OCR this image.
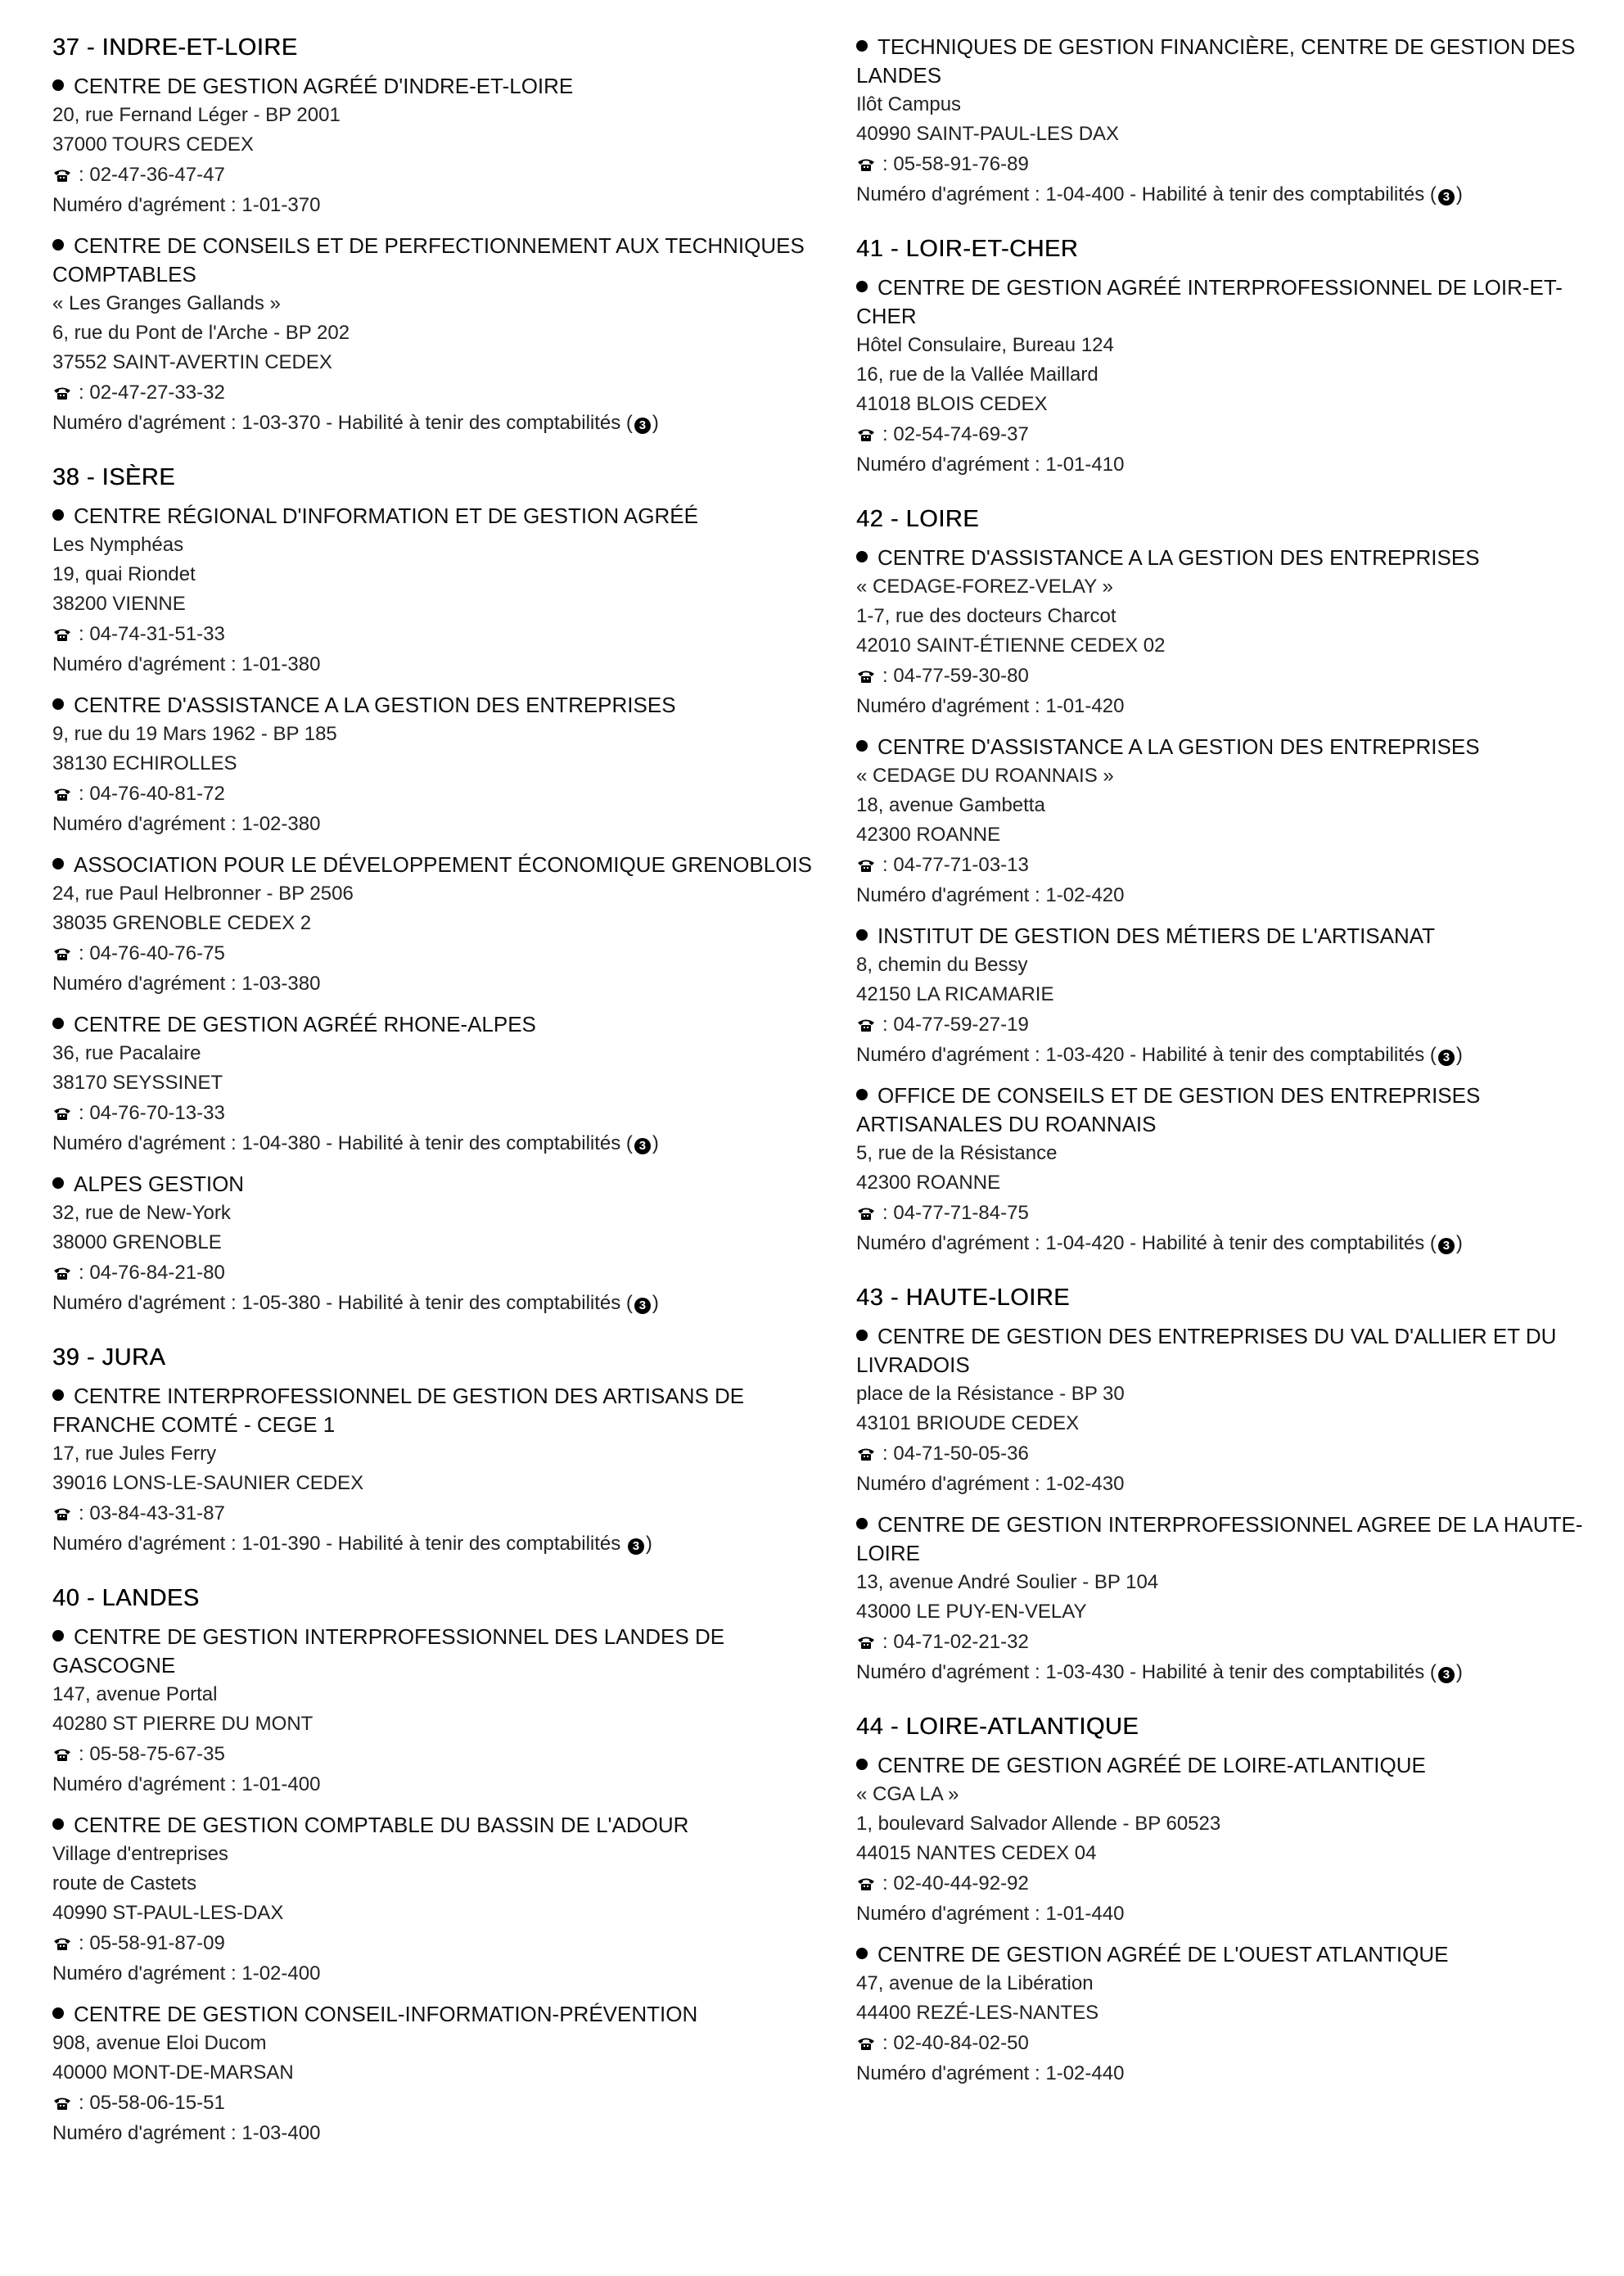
37 - INDRE-ET-LOIRE
CENTRE DE GESTION AGRÉÉ D'INDRE-ET-LOIRE
20, rue Fernand Léger - BP 2001
37000 TOURS CEDEX
: 02-47-36-47-47
Numéro d'agrément : 1-01-370
CENTRE DE CONSEILS ET DE PERFECTIONNEMENT AUX TECHNIQUES COMPTABLES
« Les Granges Gallands »
6, rue du Pont de l'Arche - BP 202
37552 SAINT-AVERTIN CEDEX
: 02-47-27-33-32
Numéro d'agrément : 1-03-370 - Habilité à tenir des comptabilités ( 3 )
38 - ISÈRE
CENTRE RÉGIONAL D'INFORMATION ET DE GESTION AGRÉÉ
Les Nymphéas
19, quai Riondet
38200 VIENNE
: 04-74-31-51-33
Numéro d'agrément : 1-01-380
CENTRE D'ASSISTANCE A LA GESTION DES ENTREPRISES
9, rue du 19 Mars 1962 - BP 185
38130 ECHIROLLES
: 04-76-40-81-72
Numéro d'agrément : 1-02-380
ASSOCIATION POUR LE DÉVELOPPEMENT ÉCONOMIQUE GRENOBLOIS
24, rue Paul Helbronner - BP 2506
38035 GRENOBLE CEDEX 2
: 04-76-40-76-75
Numéro d'agrément : 1-03-380
CENTRE DE GESTION AGRÉÉ RHONE-ALPES
36, rue Pacalaire
38170 SEYSSINET
: 04-76-70-13-33
Numéro d'agrément : 1-04-380 - Habilité à tenir des comptabilités ( 3 )
ALPES GESTION
32, rue de New-York
38000 GRENOBLE
: 04-76-84-21-80
Numéro d'agrément : 1-05-380 - Habilité à tenir des comptabilités ( 3 )
39 - JURA
CENTRE INTERPROFESSIONNEL DE GESTION DES ARTISANS DE FRANCHE COMTÉ - CEGE 1
17, rue Jules Ferry
39016 LONS-LE-SAUNIER CEDEX
: 03-84-43-31-87
Numéro d'agrément : 1-01-390 - Habilité à tenir des comptabilités 3 )
40 - LANDES
CENTRE DE GESTION INTERPROFESSIONNEL DES LANDES DE GASCOGNE
147, avenue Portal
40280 ST PIERRE DU MONT
: 05-58-75-67-35
Numéro d'agrément : 1-01-400
CENTRE DE GESTION COMPTABLE DU BASSIN DE L'ADOUR
Village d'entreprises
route de Castets
40990 ST-PAUL-LES-DAX
: 05-58-91-87-09
Numéro d'agrément : 1-02-400
CENTRE DE GESTION CONSEIL-INFORMATION-PRÉVENTION
908, avenue Eloi Ducom
40000 MONT-DE-MARSAN
: 05-58-06-15-51
Numéro d'agrément : 1-03-400
TECHNIQUES DE GESTION FINANCIÈRE, CENTRE DE GESTION DES LANDES
Ilôt Campus
40990 SAINT-PAUL-LES DAX
: 05-58-91-76-89
Numéro d'agrément : 1-04-400 - Habilité à tenir des comptabilités ( 3 )
41 - LOIR-ET-CHER
CENTRE DE GESTION AGRÉÉ INTERPROFESSIONNEL DE LOIR-ET-CHER
Hôtel Consulaire, Bureau 124
16, rue de la Vallée Maillard
41018 BLOIS CEDEX
: 02-54-74-69-37
Numéro d'agrément : 1-01-410
42 - LOIRE
CENTRE D'ASSISTANCE A LA GESTION DES ENTREPRISES
« CEDAGE-FOREZ-VELAY »
1-7, rue des docteurs Charcot
42010 SAINT-ÉTIENNE CEDEX 02
: 04-77-59-30-80
Numéro d'agrément : 1-01-420
CENTRE D'ASSISTANCE A LA GESTION DES ENTREPRISES
« CEDAGE DU ROANNAIS »
18, avenue Gambetta
42300 ROANNE
: 04-77-71-03-13
Numéro d'agrément : 1-02-420
INSTITUT DE GESTION DES MÉTIERS DE L'ARTISANAT
8, chemin du Bessy
42150 LA RICAMARIE
: 04-77-59-27-19
Numéro d'agrément : 1-03-420 - Habilité à tenir des comptabilités ( 3 )
OFFICE DE CONSEILS ET DE GESTION DES ENTREPRISES ARTISANALES DU ROANNAIS
5, rue de la Résistance
42300 ROANNE
: 04-77-71-84-75
Numéro d'agrément : 1-04-420 - Habilité à tenir des comptabilités ( 3 )
43 - HAUTE-LOIRE
CENTRE DE GESTION DES ENTREPRISES DU VAL D'ALLIER ET DU LIVRADOIS
place de la Résistance - BP 30
43101 BRIOUDE CEDEX
: 04-71-50-05-36
Numéro d'agrément : 1-02-430
CENTRE DE GESTION INTERPROFESSIONNEL AGREE DE LA HAUTE-LOIRE
13, avenue André Soulier - BP 104
43000 LE PUY-EN-VELAY
: 04-71-02-21-32
Numéro d'agrément : 1-03-430 - Habilité à tenir des comptabilités ( 3 )
44 - LOIRE-ATLANTIQUE
CENTRE DE GESTION AGRÉÉ DE LOIRE-ATLANTIQUE
« CGA LA »
1, boulevard Salvador Allende - BP 60523
44015 NANTES CEDEX 04
: 02-40-44-92-92
Numéro d'agrément : 1-01-440
CENTRE DE GESTION AGRÉÉ DE L'OUEST ATLANTIQUE
47, avenue de la Libération
44400 REZÉ-LES-NANTES
: 02-40-84-02-50
Numéro d'agrément : 1-02-440
